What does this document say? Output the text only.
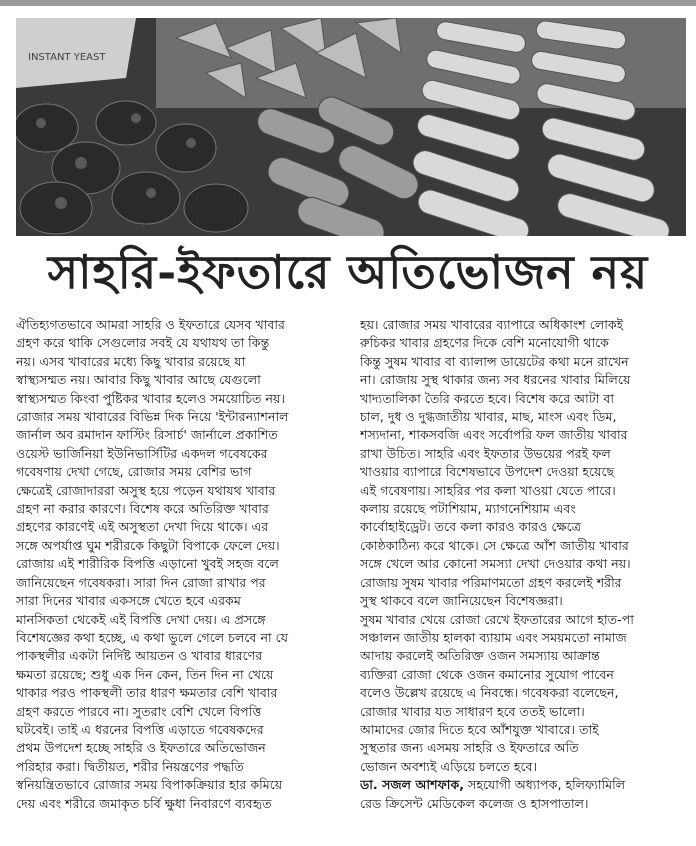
INSTANT YEAST
সাহরি-ইফতারে অতিভোজন নয়

ঐতিহ্যগতভাবে আমরা সাহরি ও ইফতারে যেসব খাবার
গ্রহণ করে থাকি সেগুলোর সবই যে যথাযথ তা কিন্তু
নয়। এসব খাবারের মধ্যে কিছু খাবার রয়েছে যা
স্বাস্থ্যসম্মত নয়। আবার কিছু খাবার আছে যেগুলো
স্বাস্থ্যসম্মত কিংবা পুষ্টিকর খাবার হলেও সময়োচিত নয়।
রোজার সময় খাবারের বিভিন্ন দিক নিয়ে 'ইন্টারন্যাশনাল
জার্নাল অব রমাদান ফাস্টিং রিসার্চ' জার্নালে প্রকাশিত
ওয়েস্ট ভার্জিনিয়া ইউনিভার্সিটির একদল গবেষকের
গবেষণায় দেখা গেছে, রোজার সময় বেশির ভাগ
ক্ষেত্রেই রোজাদাররা অসুস্থ হয়ে পড়েন যথাযথ খাবার
গ্রহণ না করার কারণে। বিশেষ করে অতিরিক্ত খাবার
গ্রহণের কারণেই এই অসুস্থতা দেখা দিয়ে থাকে। এর
সঙ্গে অপর্যাপ্ত ঘুম শরীরকে কিছুটা বিপাকে ফেলে দেয়।
রোজায় এই শারীরিক বিপত্তি এড়ানো খুবই সহজ বলে
জানিয়েছেন গবেষকরা। সারা দিন রোজা রাখার পর
সারা দিনের খাবার একসঙ্গে খেতে হবে এরকম
মানসিকতা থেকেই এই বিপত্তি দেখা দেয়। এ প্রসঙ্গে
বিশেষজ্ঞের কথা হচ্ছে, এ কথা ভুলে গেলে চলবে না যে
পাকস্থলীর একটা নির্দিষ্ট আয়তন ও খাবার ধারণের
ক্ষমতা রয়েছে; শুধু এক দিন কেন, তিন দিন না খেয়ে
থাকার পরও পাকস্থলী তার ধারণ ক্ষমতার বেশি খাবার
গ্রহণ করতে পারবে না। সুতরাং বেশি খেলে বিপত্তি
ঘটবেই। তাই এ ধরনের বিপত্তি এড়াতে গবেষকদের
প্রথম উপদেশ হচ্ছে সাহরি ও ইফতারে অতিভোজন
পরিহার করা। দ্বিতীয়ত, শরীর নিয়ন্ত্রণের পদ্ধতি
স্বনিয়ন্ত্রিতভাবে রোজার সময় বিপাকক্রিয়ার হার কমিয়ে
দেয় এবং শরীরে জমাকৃত চর্বি ক্ষুধা নিবারণে ব্যবহৃত

হয়। রোজার সময় খাবারের ব্যাপারে অধিকাংশ লোকই
রুচিকর খাবার গ্রহণের দিকে বেশি মনোযোগী থাকে
কিন্তু সুষম খাবার বা ব্যালান্স ডায়েটের কথা মনে রাখেন
না। রোজায় সুস্থ থাকার জন্য সব ধরনের খাবার মিলিয়ে
খাদ্যতালিকা তৈরি করতে হবে। বিশেষ করে আটা বা
চাল, দুধ ও দুগ্ধজাতীয় খাবার, মাছ, মাংস এবং ডিম,
শস্যদানা, শাকসবজি এবং সর্বোপরি ফল জাতীয় খাবার
রাখা উচিত। সাহরি এবং ইফতার উভয়ের পরই ফল
খাওয়ার ব্যাপারে বিশেষভাবে উপদেশ দেওয়া হয়েছে
এই গবেষণায়। সাহরির পর কলা খাওয়া যেতে পারে।
কলায় রয়েছে পটাশিয়াম, ম্যাগনেশিয়াম এবং
কার্বোহাইড্রেট। তবে কলা কারও কারও ক্ষেত্রে
কোষ্ঠকাঠিন্য করে থাকে। সে ক্ষেত্রে আঁশ জাতীয় খাবার
সঙ্গে খেলে আর কোনো সমস্যা দেখা দেওয়ার কথা নয়।
রোজায় সুষম খাবার পরিমাণমতো গ্রহণ করলেই শরীর
সুস্থ থাকবে বলে জানিয়েছেন বিশেষজ্ঞরা।
সুষম খাবার খেয়ে রোজা রেখে ইফতারের আগে হাত-পা
সঞ্চালন জাতীয় হালকা ব্যায়াম এবং সময়মতো নামাজ
আদায় করলেই অতিরিক্ত ওজন সমস্যায় আক্রান্ত
ব্যক্তিরা রোজা থেকে ওজন কমানোর সুযোগ পাবেন
বলেও উল্লেখ রয়েছে এ নিবন্ধে। গবেষকরা বলেছেন,
রোজার খাবার যত সাধারণ হবে ততই ভালো।
আমাদের জোর দিতে হবে আঁশযুক্ত খাবারে। তাই
সুস্থতার জন্য এসময় সাহরি ও ইফতারে অতি
ভোজন অবশ্যই এড়িয়ে চলতে হবে।

ডা. সজল আশফাক, সহযোগী অধ্যাপক, হলিফ্যামিলি
রেড ক্রিসেন্ট মেডিকেল কলেজ ও হাসপাতাল।
